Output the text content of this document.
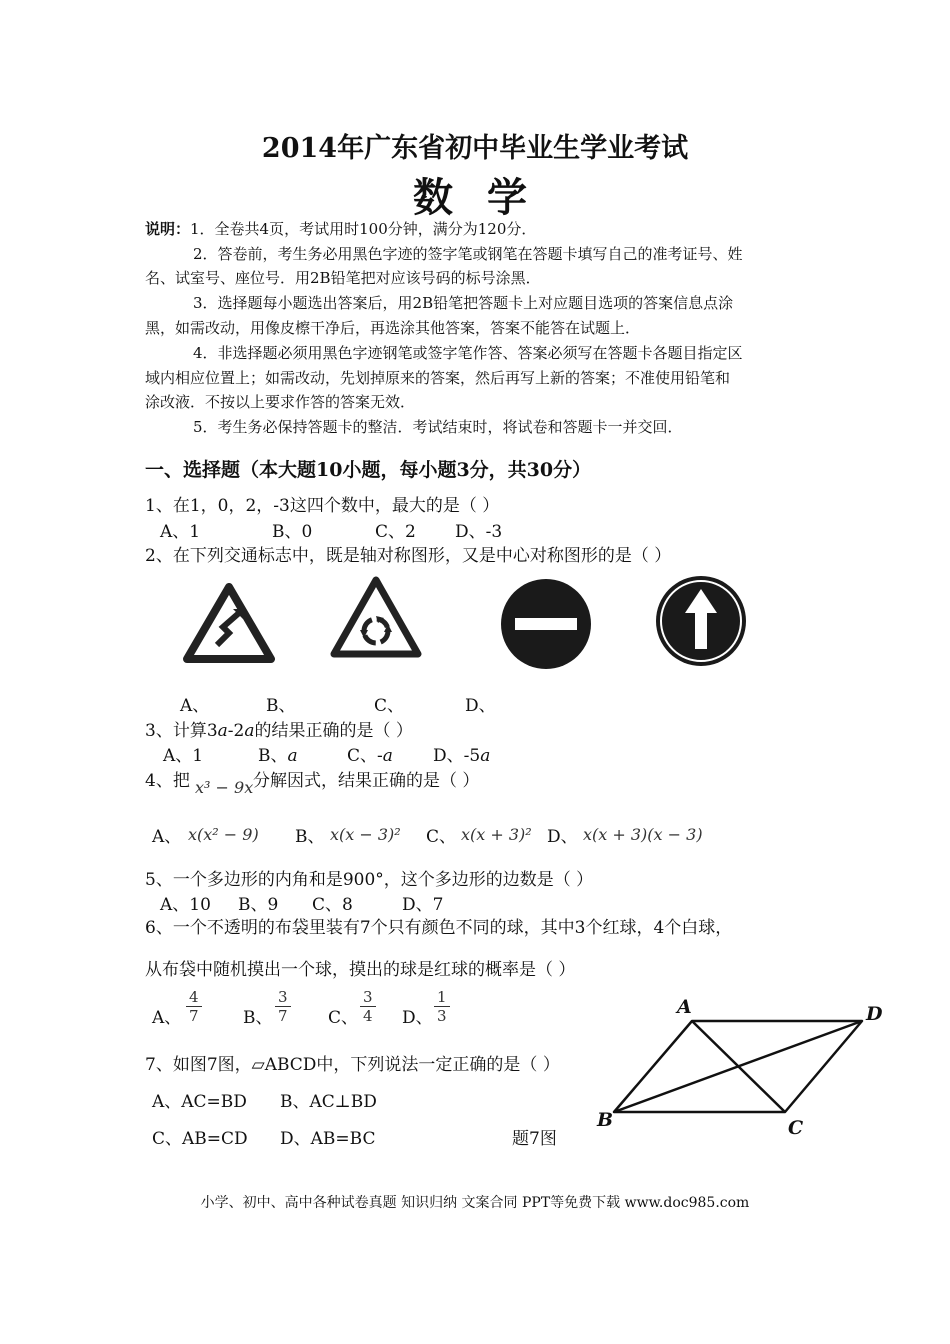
2014年广东省初中毕业生学业考试
数 学
说明：1．全卷共4页，考试用时100分钟，满分为120分．
2．答卷前，考生务必用黑色字迹的签字笔或钢笔在答题卡填写自己的准考证号、姓
名、试室号、座位号．用2B铅笔把对应该号码的标号涂黑．
3．选择题每小题选出答案后，用2B铅笔把答题卡上对应题目选项的答案信息点涂
黑，如需改动，用像皮檫干净后，再选涂其他答案，答案不能答在试题上．
4．非选择题必须用黑色字迹钢笔或签字笔作答、答案必须写在答题卡各题目指定区
域内相应位置上；如需改动，先划掉原来的答案，然后再写上新的答案；不准使用铅笔和
涂改液．不按以上要求作答的答案无效．
5．考生务必保持答题卡的整洁．考试结束时，将试卷和答题卡一并交回．
一、选择题（本大题10小题，每小题3分，共30分）
1、在1，0，2，-3这四个数中，最大的是（ ）
A、1	B、0	C、2 D、-3
2、在下列交通标志中，既是轴对称图形，又是中心对称图形的是（ ）
A、	B、	C、	D、
3、计算3a-2a的结果正确的是（ ）
A、1	B、a	C、-a D、-5a
4、把 x³ − 9x 分解因式，结果正确的是（ ）
A、 x(x² − 9) B、 x(x − 3)² C、 x(x + 3)² D、 x(x + 3)(x − 3)
5、一个多边形的内角和是900°，这个多边形的边数是（ ）
A、10 B、9 C、8	D、7
6、一个不透明的布袋里装有7个只有颜色不同的球，其中3个红球，4个白球，
从布袋中随机摸出一个球，摸出的球是红球的概率是（ ）
A、 $\frac{4}{7}$ B、 $\frac{3}{7}$ C、 $\frac{3}{4}$ D、 $\frac{1}{3}$
7、如图7图，▱ABCD中，下列说法一定正确的是（ ）
A、AC=BD B、AC⊥BD
C、AB=CD D、AB=BC	题7图
A
B	C
D
小学、初中、高中各种试卷真题 知识归纳 文案合同 PPT等免费下载 www.doc985.com
